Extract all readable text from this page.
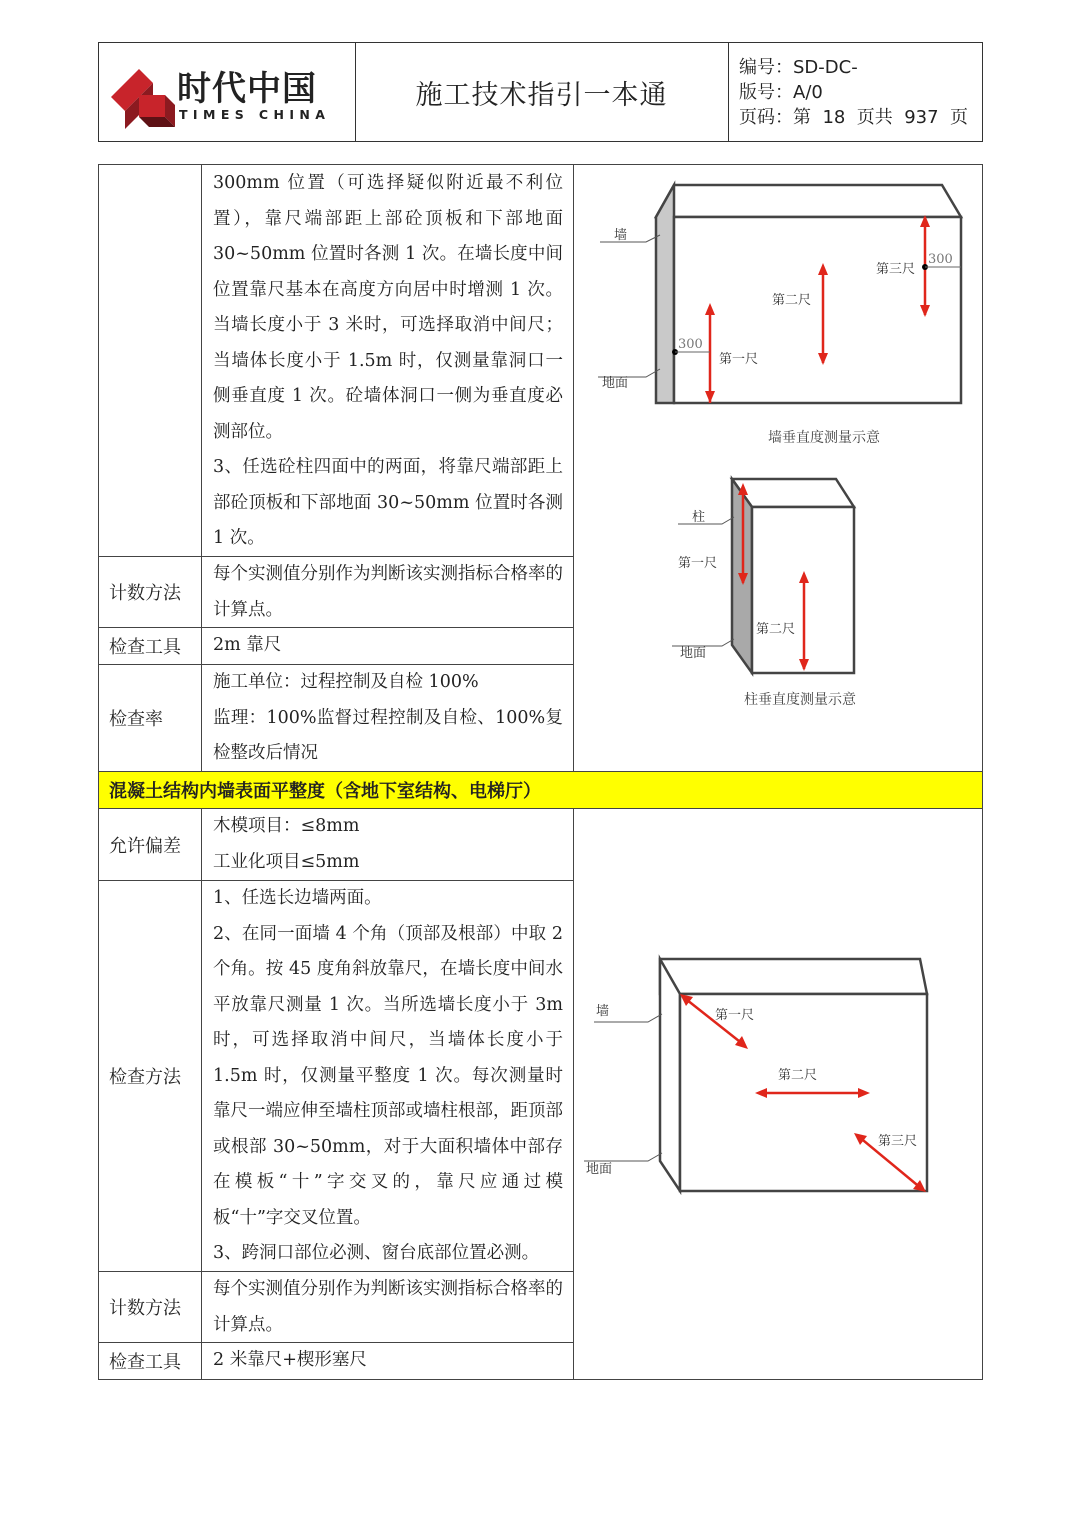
时代中国
TIMES CHINA
施工技术指引一本通
编号：SD-DC-
版号：A/0
页码：第  18  页共  937  页

300mm 位置（可选择疑似附近最不利位置），靠尺端部距上部砼顶板和下部地面 30~50mm 位置时各测 1 次。在墙长度中间位置靠尺基本在高度方向居中时增测 1 次。当墙长度小于 3 米时，可选择取消中间尺；当墙体长度小于 1.5m 时，仅测量靠洞口一侧垂直度 1 次。砼墙体洞口一侧为垂直度必测部位。

3、任选砼柱四面中的两面，将靠尺端部距上部砼顶板和下部地面 30~50mm 位置时各测 1 次。

计数方法
每个实测值分别作为判断该实测指标合格率的计算点。
检查工具	2m 靠尺
检查率

施工单位：过程控制及自检 100%

监理：100%监督过程控制及自检、100%复检整改后情况

墙
地面
300
300
第一尺
第二尺
第三尺
墙垂直度测量示意
柱
地面
第一尺
第二尺
柱垂直度测量示意
混凝土结构内墙表面平整度（含地下室结构、电梯厅）
允许偏差

木模项目：≤8mm

工业化项目≤5mm

检查方法

1、任选长边墙两面。

2、在同一面墙 4 个角（顶部及根部）中取 2 个角。按 45 度角斜放靠尺，在墙长度中间水平放靠尺测量 1 次。当所选墙长度小于 3m 时，可选择取消中间尺，当墙体长度小于 1.5m 时，仅测量平整度 1 次。每次测量时靠尺一端应伸至墙柱顶部或墙柱根部，距顶部或根部 30~50mm，对于大面积墙体中部存在模板“十”字交叉的，靠尺应通过模板“十”字交叉位置。

3、跨洞口部位必测、窗台底部位置必测。

计数方法
每个实测值分别作为判断该实测指标合格率的计算点。
检查工具	2 米靠尺+楔形塞尺
墙
地面
第一尺
第二尺
第三尺
